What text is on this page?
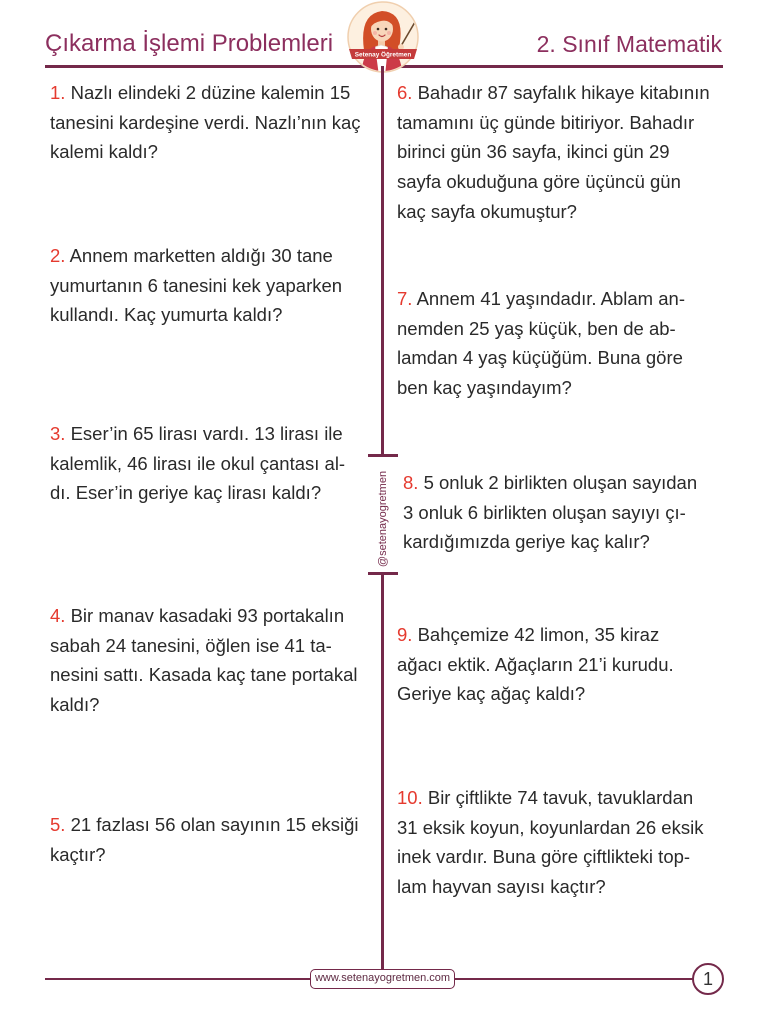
Çıkarma İşlemi Problemleri	2. Sınıf Matematik
Setenay Öğretmen
@setenayogretmen
1. Nazlı elindeki 2 düzine kalemin 15
tanesini kardeşine verdi. Nazlı’nın kaç
kalemi kaldı?
2. Annem marketten aldığı 30 tane
yumurtanın 6 tanesini kek yaparken
kullandı. Kaç yumurta kaldı?
3. Eser’in 65 lirası vardı. 13 lirası ile
kalemlik, 46 lirası ile okul çantası al-
dı. Eser’in geriye kaç lirası kaldı?
4. Bir manav kasadaki 93 portakalın
sabah 24 tanesini, öğlen ise 41 ta-
nesini sattı. Kasada kaç tane portakal
kaldı?
5. 21 fazlası 56 olan sayının 15 eksiği
kaçtır?
6. Bahadır 87 sayfalık hikaye kitabının
tamamını üç günde bitiriyor. Bahadır
birinci gün 36 sayfa, ikinci gün 29
sayfa okuduğuna göre üçüncü gün
kaç sayfa okumuştur?
7. Annem 41 yaşındadır. Ablam an-
nemden 25 yaş küçük, ben de ab-
lamdan 4 yaş küçüğüm. Buna göre
ben kaç yaşındayım?
8. 5 onluk 2 birlikten oluşan sayıdan
3 onluk 6 birlikten oluşan sayıyı çı-
kardığımızda geriye kaç kalır?
9. Bahçemize 42 limon, 35 kiraz
ağacı ektik. Ağaçların 21’i kurudu.
Geriye kaç ağaç kaldı?
10. Bir çiftlikte 74 tavuk, tavuklardan
31 eksik koyun, koyunlardan 26 eksik
inek vardır. Buna göre çiftlikteki top-
lam hayvan sayısı kaçtır?
www.setenayogretmen.com	1
